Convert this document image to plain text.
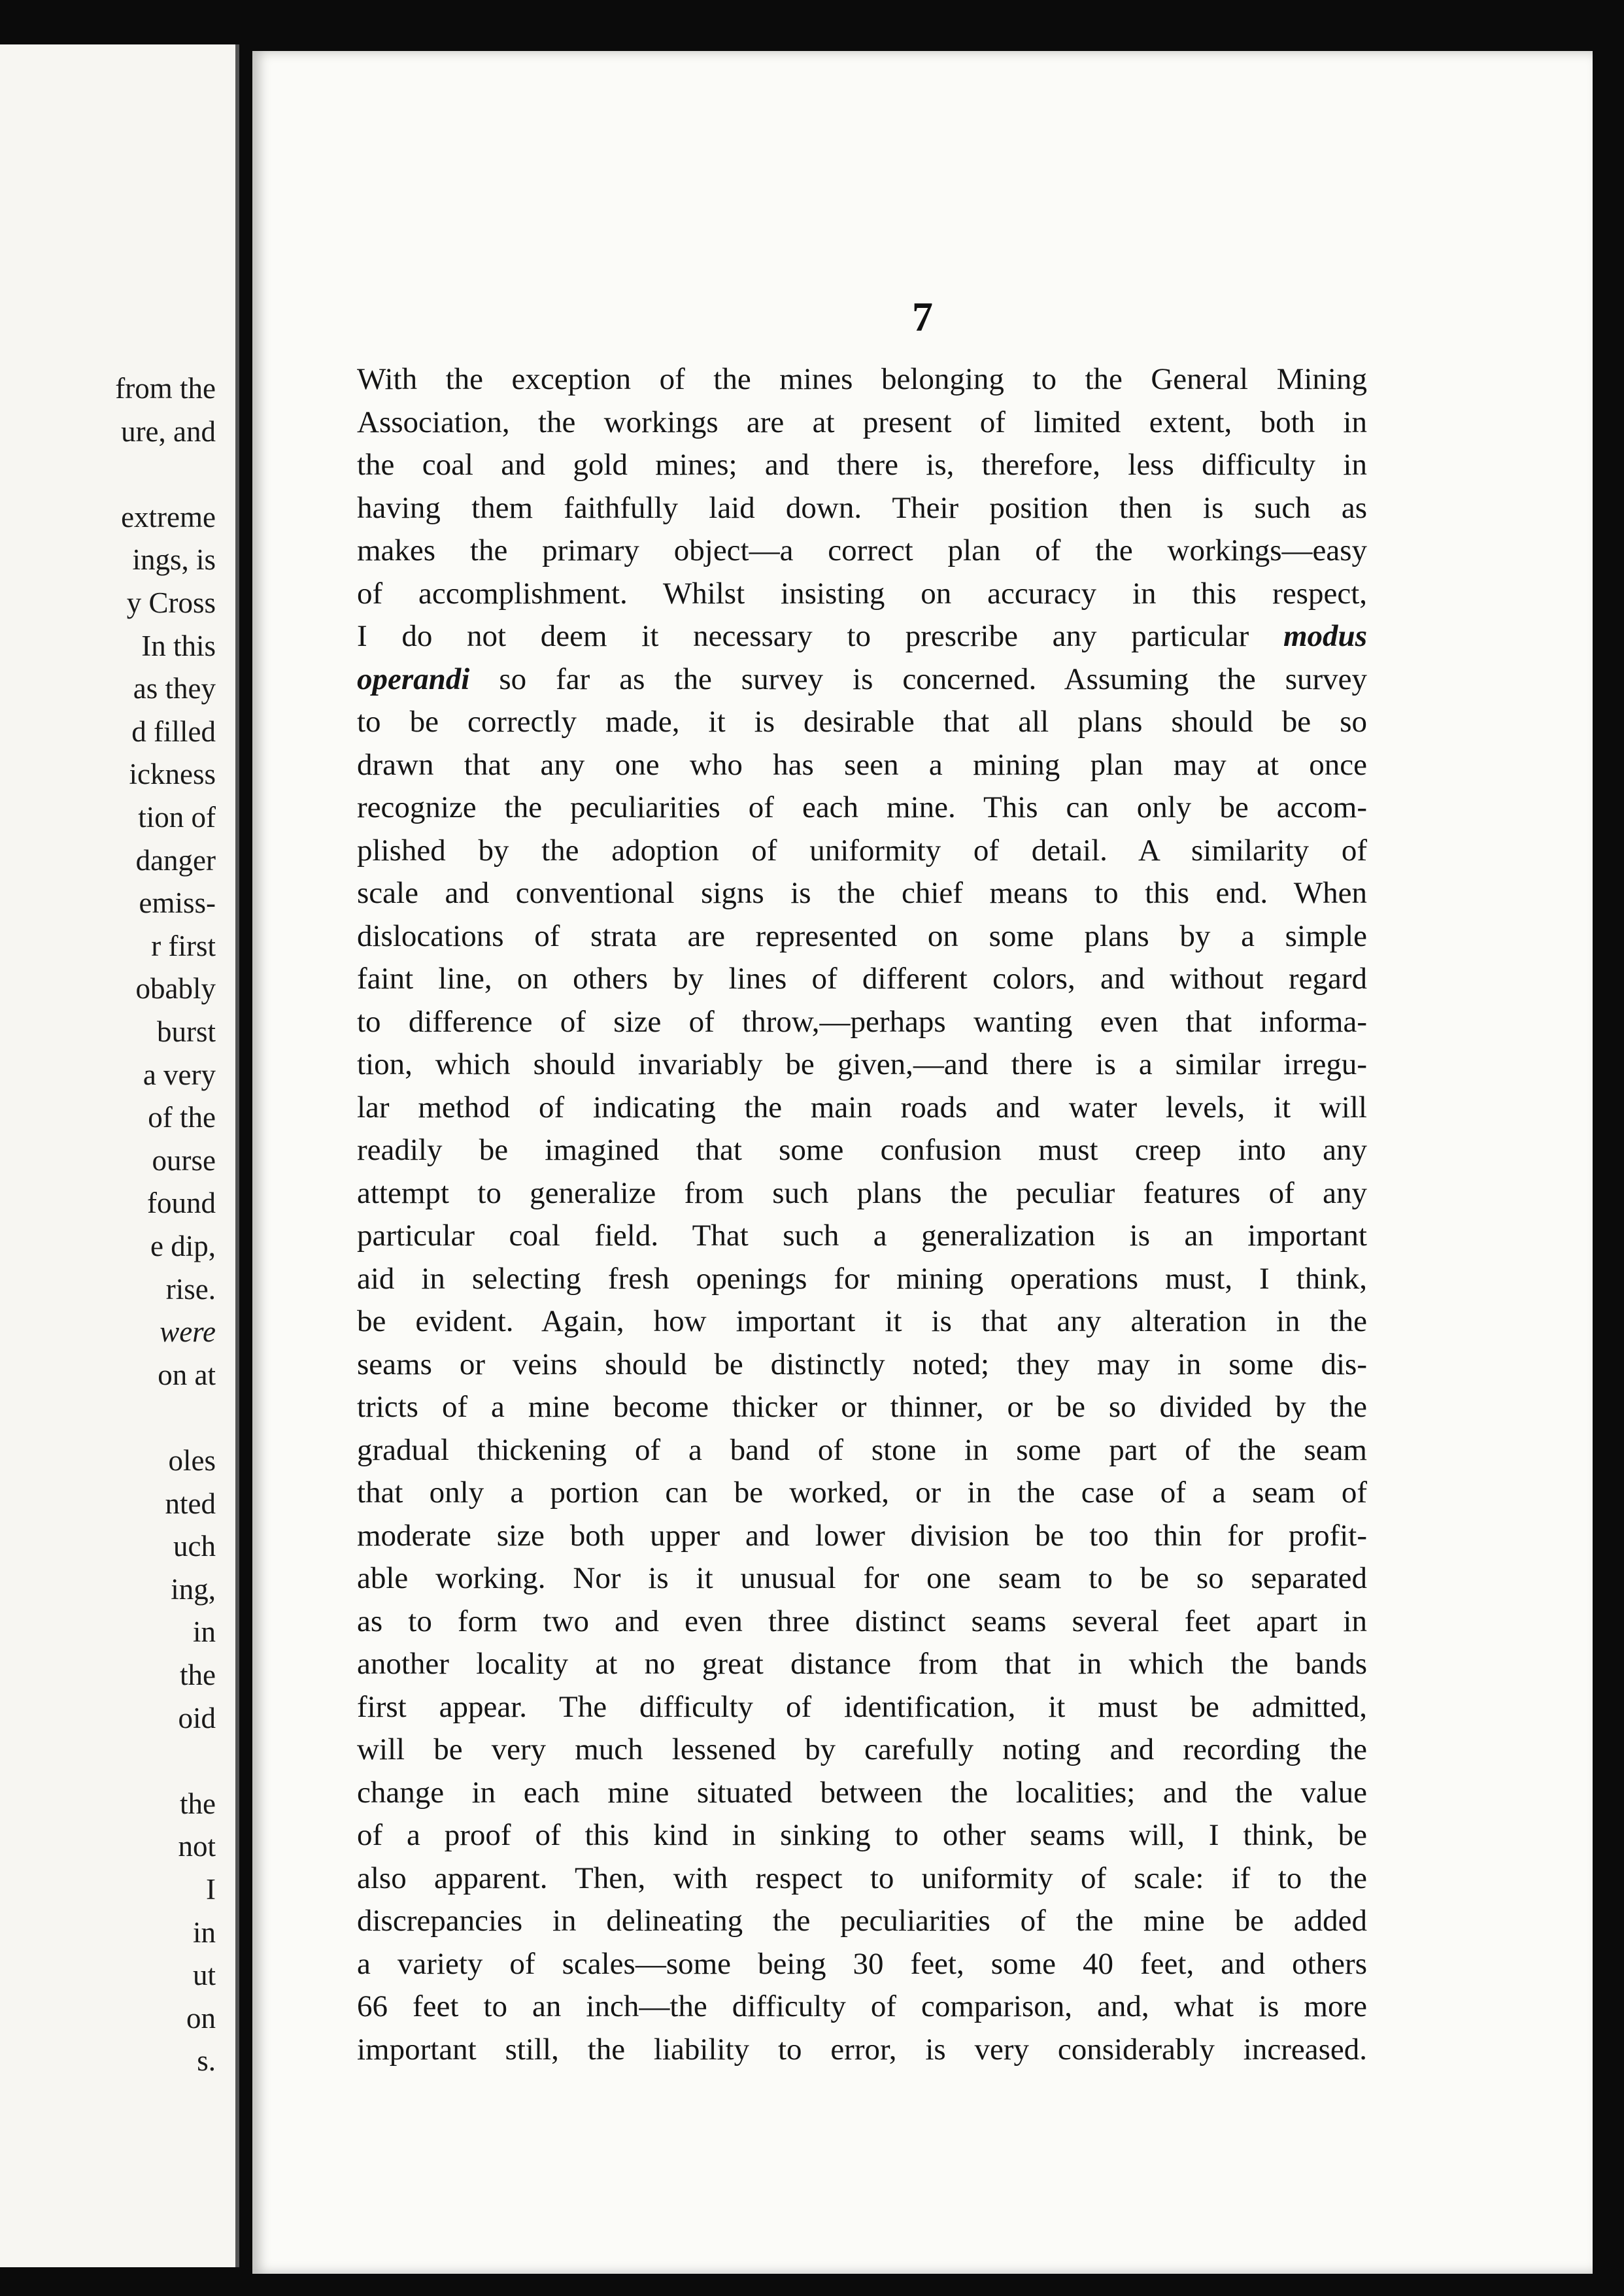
from the
ure, and
extreme
ings, is
y Cross
In this
as they
d filled
ickness
tion of
danger
emiss-
r first
obably
burst
a very
of the
ourse
found
e dip,
rise.
were
on at
oles
nted
uch
ing,
in
the
oid
the
not
I
in
ut
on
s.
7
With the exception of the mines belonging to the General Mining
Association, the workings are at present of limited extent, both in
the coal and gold mines; and there is, therefore, less difficulty in
having them faithfully laid down. Their position then is such as
makes the primary object—a correct plan of the workings—easy
of accomplishment. Whilst insisting on accuracy in this respect,
I do not deem it necessary to prescribe any particular modus
operandi so far as the survey is concerned. Assuming the survey
to be correctly made, it is desirable that all plans should be so
drawn that any one who has seen a mining plan may at once
recognize the peculiarities of each mine. This can only be accom-
plished by the adoption of uniformity of detail. A similarity of
scale and conventional signs is the chief means to this end. When
dislocations of strata are represented on some plans by a simple
faint line, on others by lines of different colors, and without regard
to difference of size of throw,—perhaps wanting even that informa-
tion, which should invariably be given,—and there is a similar irregu-
lar method of indicating the main roads and water levels, it will
readily be imagined that some confusion must creep into any
attempt to generalize from such plans the peculiar features of any
particular coal field. That such a generalization is an important
aid in selecting fresh openings for mining operations must, I think,
be evident. Again, how important it is that any alteration in the
seams or veins should be distinctly noted; they may in some dis-
tricts of a mine become thicker or thinner, or be so divided by the
gradual thickening of a band of stone in some part of the seam
that only a portion can be worked, or in the case of a seam of
moderate size both upper and lower division be too thin for profit-
able working. Nor is it unusual for one seam to be so separated
as to form two and even three distinct seams several feet apart in
another locality at no great distance from that in which the bands
first appear. The difficulty of identification, it must be admitted,
will be very much lessened by carefully noting and recording the
change in each mine situated between the localities; and the value
of a proof of this kind in sinking to other seams will, I think, be
also apparent. Then, with respect to uniformity of scale: if to the
discrepancies in delineating the peculiarities of the mine be added
a variety of scales—some being 30 feet, some 40 feet, and others
66 feet to an inch—the difficulty of comparison, and, what is more
important still, the liability to error, is very considerably increased.
